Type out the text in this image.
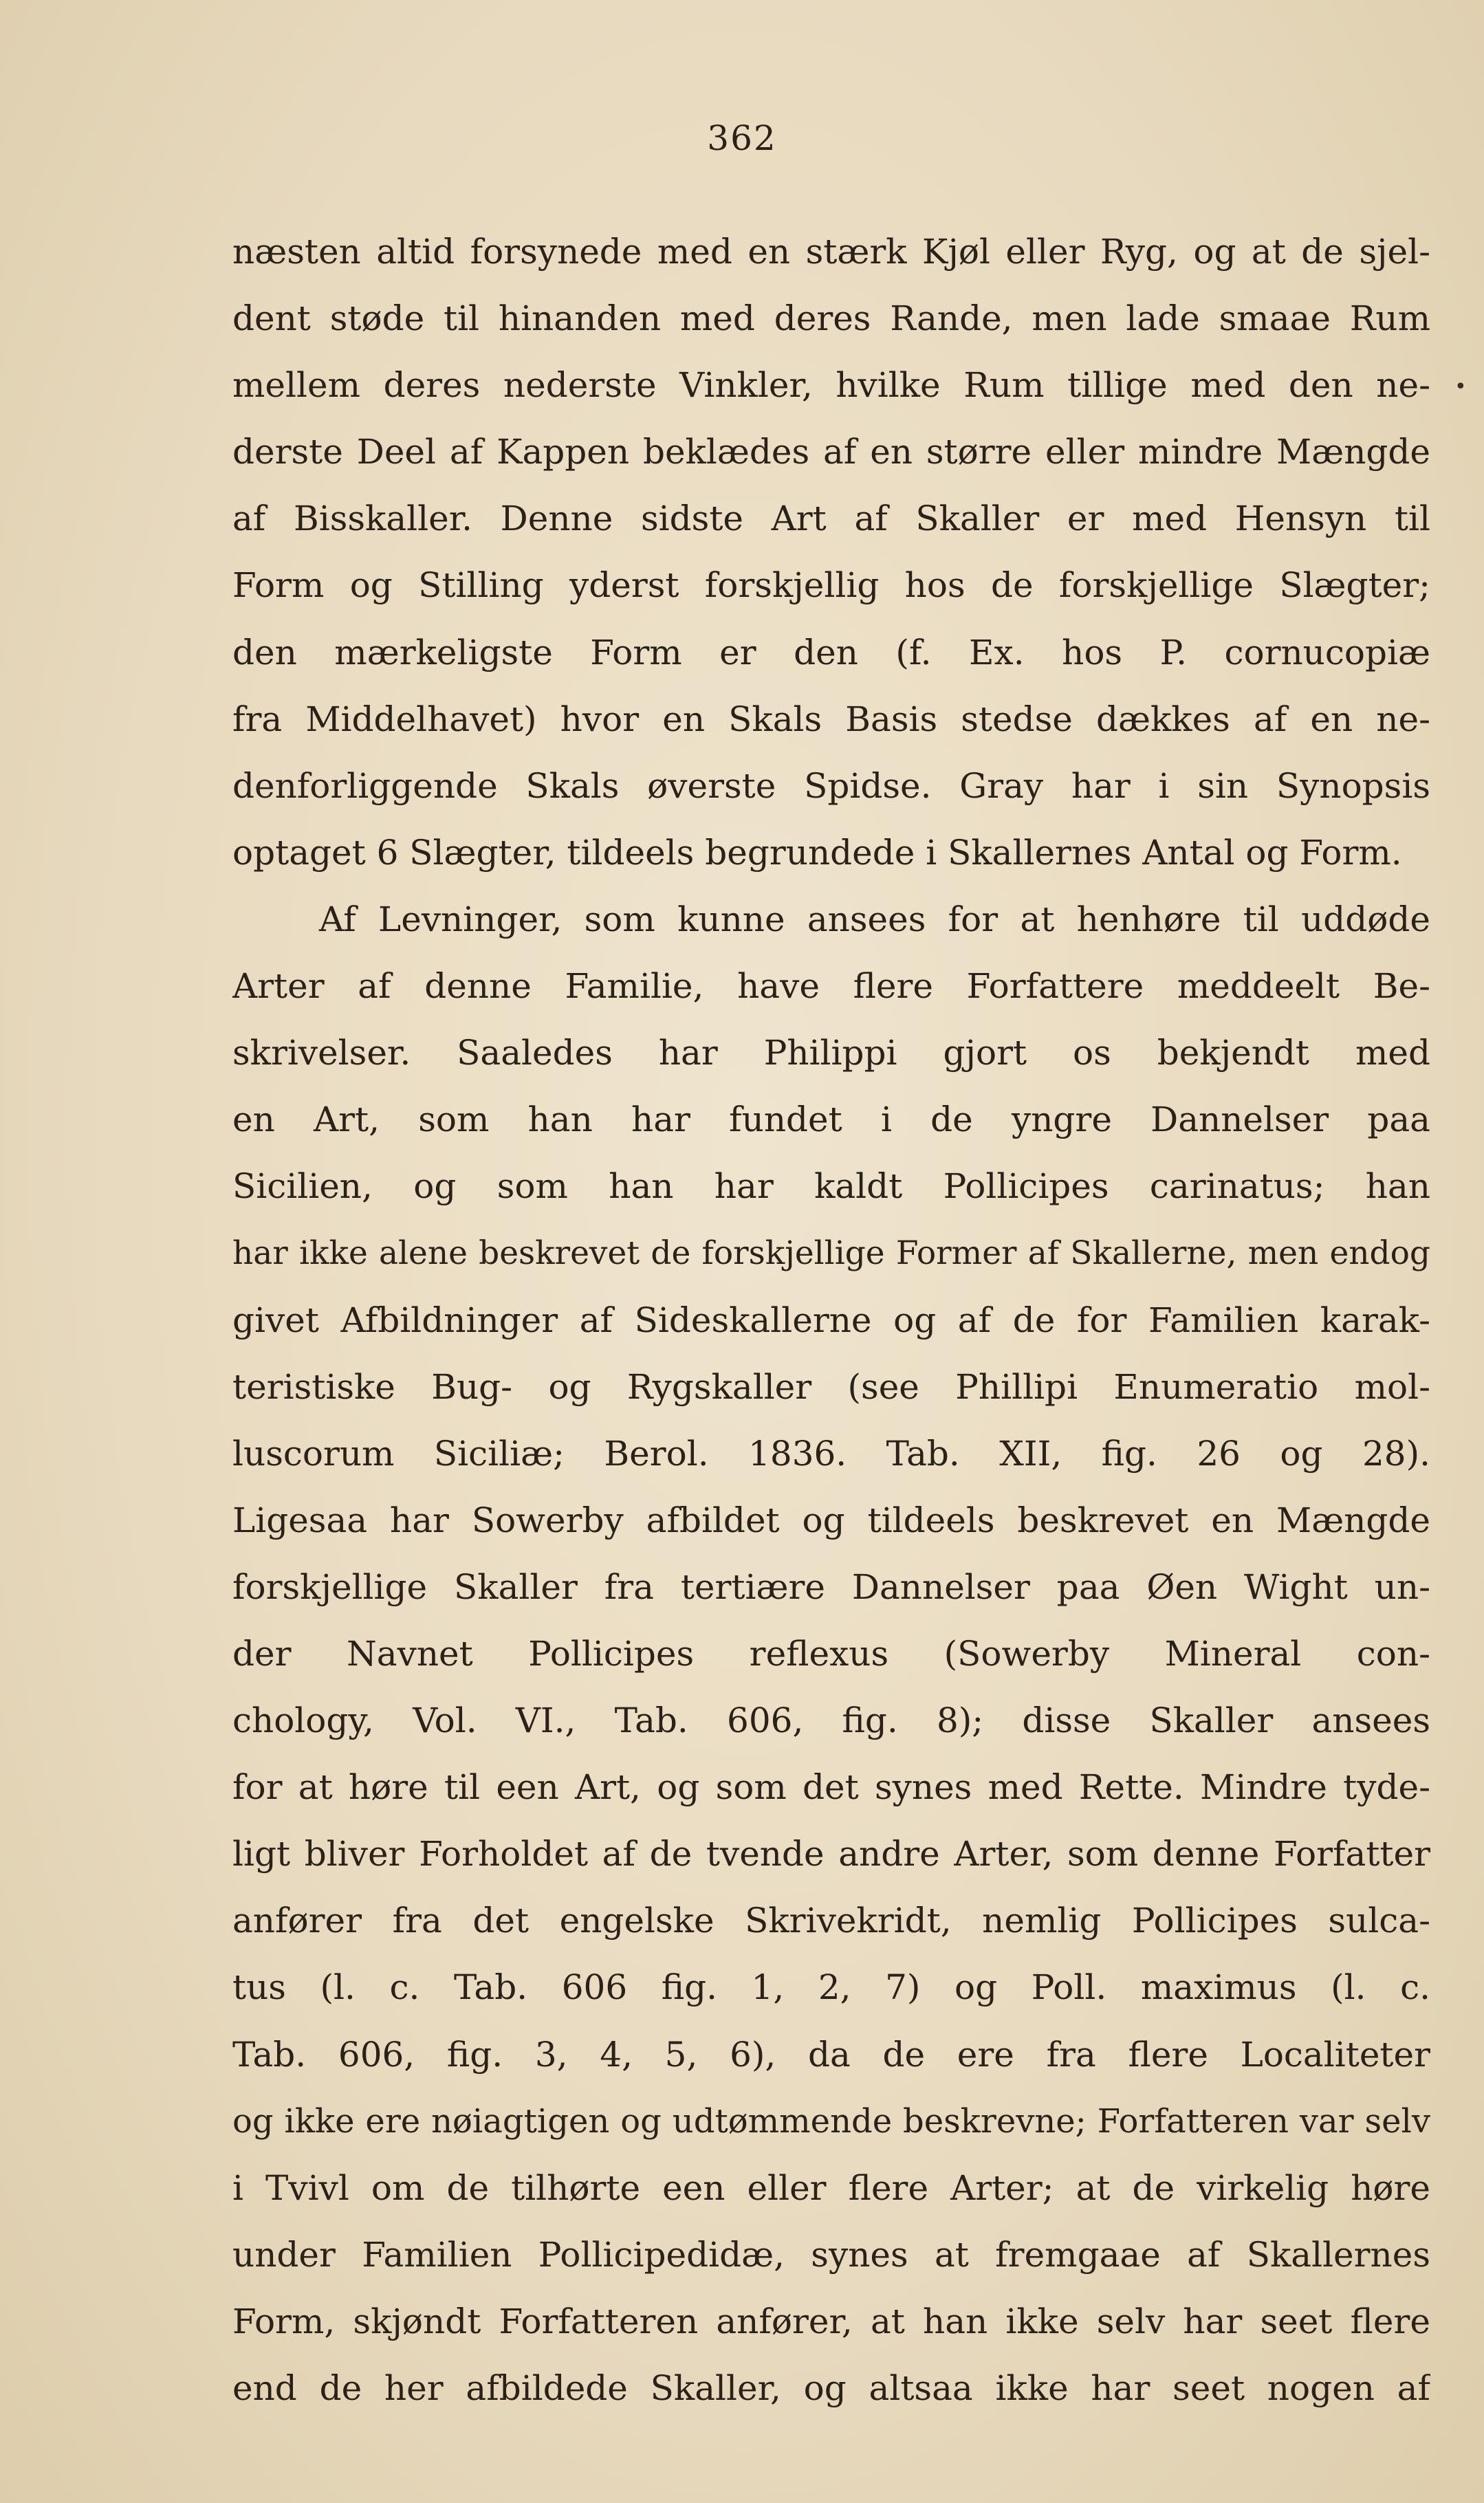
362
•
næsten altid forsynede med en stærk Kjøl eller Ryg, og at de sjel-
dent støde til hinanden med deres Rande, men lade smaae Rum
mellem deres nederste Vinkler, hvilke Rum tillige med den ne-
derste Deel af Kappen beklædes af en større eller mindre Mængde
af Bisskaller. Denne sidste Art af Skaller er med Hensyn til
Form og Stilling yderst forskjellig hos de forskjellige Slægter;
den mærkeligste Form er den (f. Ex. hos P. cornucopiæ
fra Middelhavet) hvor en Skals Basis stedse dækkes af en ne-
denforliggende Skals øverste Spidse. Gray har i sin Synopsis
optaget 6 Slægter, tildeels begrundede i Skallernes Antal og Form.
Af Levninger, som kunne ansees for at henhøre til uddøde
Arter af denne Familie, have flere Forfattere meddeelt Be-
skrivelser. Saaledes har Philippi gjort os bekjendt med
en Art, som han har fundet i de yngre Dannelser paa
Sicilien, og som han har kaldt Pollicipes carinatus; han
har ikke alene beskrevet de forskjellige Former af Skallerne, men endog
givet Afbildninger af Sideskallerne og af de for Familien karak-
teristiske Bug- og Rygskaller (see Phillipi Enumeratio mol-
luscorum Siciliæ; Berol. 1836. Tab. XII, fig. 26 og 28).
Ligesaa har Sowerby afbildet og tildeels beskrevet en Mængde
forskjellige Skaller fra tertiære Dannelser paa Øen Wight un-
der Navnet Pollicipes reflexus (Sowerby Mineral con-
chology, Vol. VI., Tab. 606, fig. 8); disse Skaller ansees
for at høre til een Art, og som det synes med Rette. Mindre tyde-
ligt bliver Forholdet af de tvende andre Arter, som denne Forfatter
anfører fra det engelske Skrivekridt, nemlig Pollicipes sulca-
tus (l. c. Tab. 606 fig. 1, 2, 7) og Poll. maximus (l. c.
Tab. 606, fig. 3, 4, 5, 6), da de ere fra flere Localiteter
og ikke ere nøiagtigen og udtømmende beskrevne; Forfatteren var selv
i Tvivl om de tilhørte een eller flere Arter; at de virkelig høre
under Familien Pollicipedidæ, synes at fremgaae af Skallernes
Form, skjøndt Forfatteren anfører, at han ikke selv har seet flere
end de her afbildede Skaller, og altsaa ikke har seet nogen af
